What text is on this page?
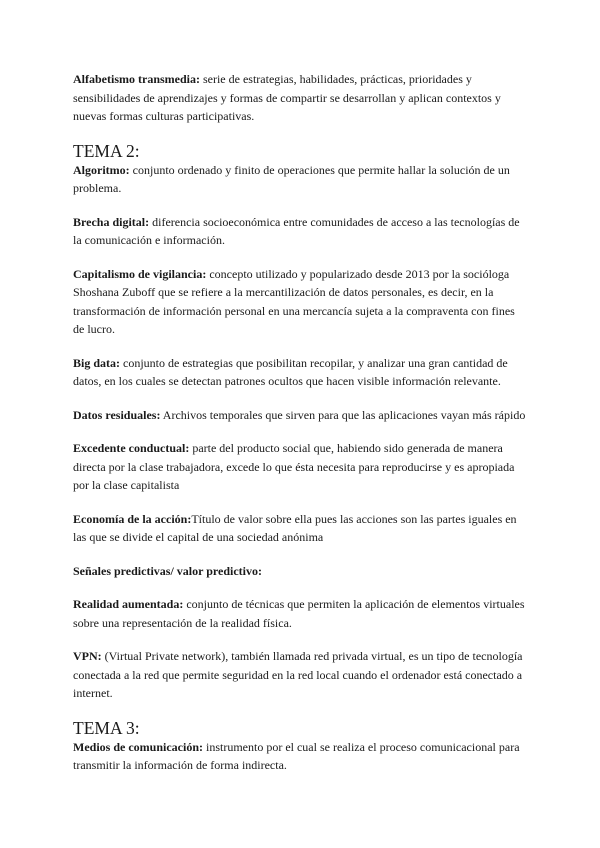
Alfabetismo transmedia: serie de estrategias, habilidades, prácticas, prioridades y sensibilidades de aprendizajes y formas de compartir se desarrollan y aplican contextos y nuevas formas culturas participativas.

TEMA 2:

Algoritmo: conjunto ordenado y finito de operaciones que permite hallar la solución de un problema.

Brecha digital: diferencia socioeconómica entre comunidades de acceso a las tecnologías de la comunicación e información.

Capitalismo de vigilancia: concepto utilizado y popularizado desde 2013 por la socióloga Shoshana Zuboff que se refiere a la mercantilización de datos personales, es decir, en la transformación de información personal en una mercancía sujeta a la compraventa con fines de lucro.

Big data: conjunto de estrategias que posibilitan recopilar, y analizar una gran cantidad de datos, en los cuales se detectan patrones ocultos que hacen visible información relevante.

Datos residuales: Archivos temporales que sirven para que las aplicaciones vayan más rápido

Excedente conductual: parte del producto social que, habiendo sido generada de manera directa por la clase trabajadora, excede lo que ésta necesita para reproducirse y es apropiada por la clase capitalista

Economía de la acción:Título de valor sobre ella pues las acciones son las partes iguales en las que se divide el capital de una sociedad anónima

Señales predictivas/ valor predictivo:

Realidad aumentada: conjunto de técnicas que permiten la aplicación de elementos virtuales sobre una representación de la realidad física.

VPN: (Virtual Private network), también llamada red privada virtual, es un tipo de tecnología conectada a la red que permite seguridad en la red local cuando el ordenador está conectado a internet.

TEMA 3:

Medios de comunicación: instrumento por el cual se realiza el proceso comunicacional para transmitir la información de forma indirecta.
